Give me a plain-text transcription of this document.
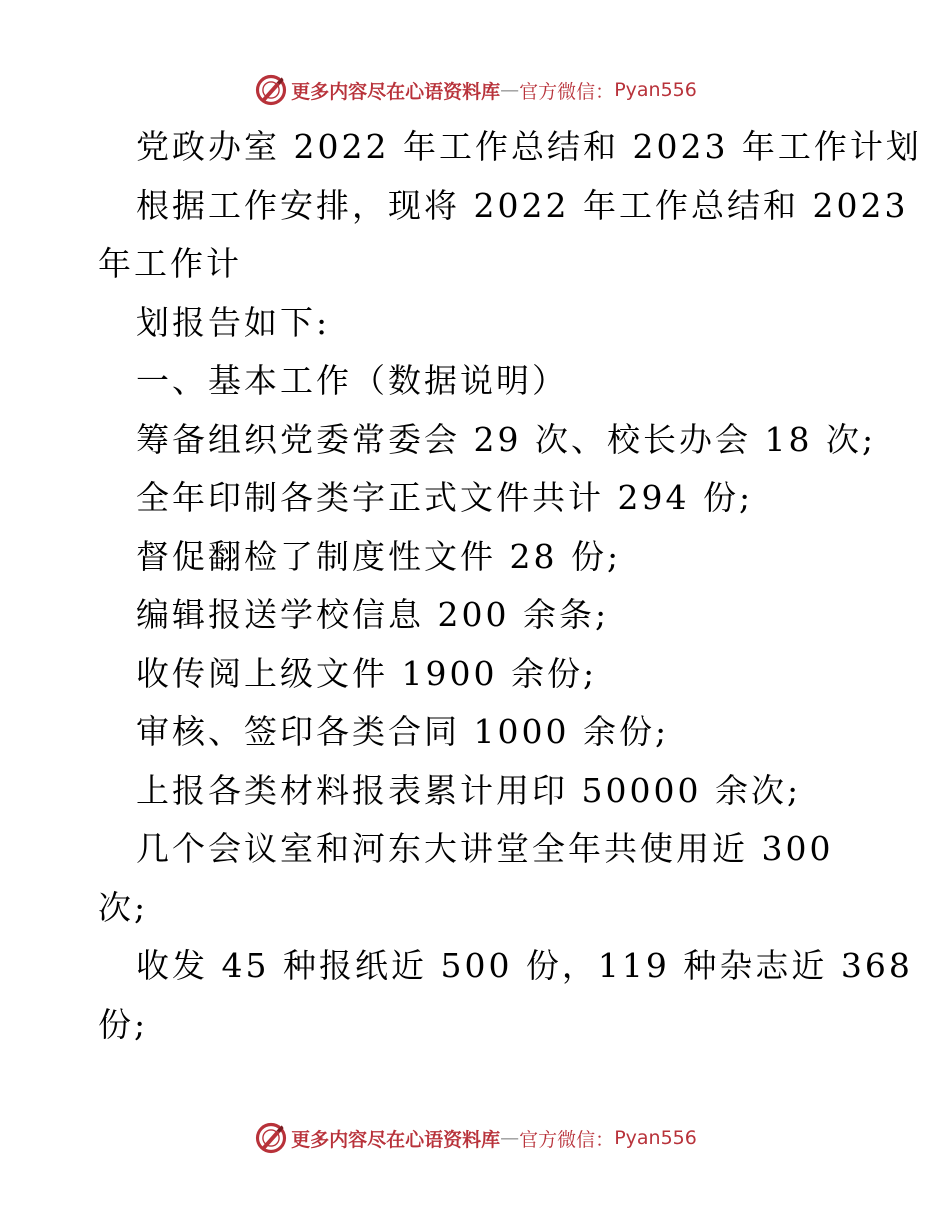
更多内容尽在心语资料库 — 官方微信： Pyan556
党政办室 2022 年工作总结和 2023 年工作计划
根据工作安排，现将 2022 年工作总结和 2023
年工作计
划报告如下:
一、基本工作（数据说明）
筹备组织党委常委会 29 次、校长办会 18 次;
全年印制各类字正式文件共计 294 份;
督促翻检了制度性文件 28 份;
编辑报送学校信息 200 余条;
收传阅上级文件 1900 余份;
审核、签印各类合同 1000 余份;
上报各类材料报表累计用印 50000 余次;
几个会议室和河东大讲堂全年共使用近 300
次;
收发 45 种报纸近 500 份，119 种杂志近 368
份;
更多内容尽在心语资料库 — 官方微信： Pyan556
